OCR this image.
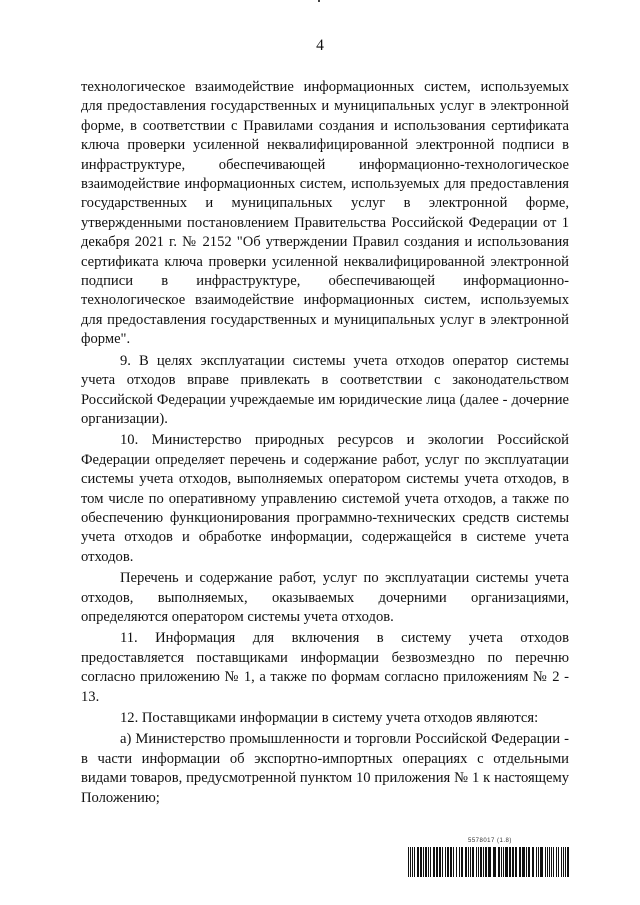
4

технологическое взаимодействие информационных систем, используемых для предоставления государственных и муниципальных услуг в электронной форме, в соответствии с Правилами создания и использования сертификата ключа проверки усиленной неквалифицированной электронной подписи в инфраструктуре, обеспечивающей информационно-технологическое взаимодействие информационных систем, используемых для предоставления государственных и муниципальных услуг в электронной форме, утвержденными постановлением Правительства Российской Федерации от 1 декабря 2021 г. № 2152 "Об утверждении Правил создания и использования сертификата ключа проверки усиленной неквалифицированной электронной подписи в инфраструктуре, обеспечивающей информационно-технологическое взаимодействие информационных систем, используемых для предоставления государственных и муниципальных услуг в электронной форме".

9. В целях эксплуатации системы учета отходов оператор системы учета отходов вправе привлекать в соответствии с законодательством Российской Федерации учреждаемые им юридические лица (далее - дочерние организации).

10. Министерство природных ресурсов и экологии Российской Федерации определяет перечень и содержание работ, услуг по эксплуатации системы учета отходов, выполняемых оператором системы учета отходов, в том числе по оперативному управлению системой учета отходов, а также по обеспечению функционирования программно-технических средств системы учета отходов и обработке информации, содержащейся в системе учета отходов.

Перечень и содержание работ, услуг по эксплуатации системы учета отходов, выполняемых, оказываемых дочерними организациями, определяются оператором системы учета отходов.

11. Информация для включения в систему учета отходов предоставляется поставщиками информации безвозмездно по перечню согласно приложению № 1, а также по формам согласно приложениям № 2 - 13.

12. Поставщиками информации в систему учета отходов являются:

а) Министерство промышленности и торговли Российской Федерации - в части информации об экспортно-импортных операциях с отдельными видами товаров, предусмотренной пунктом 10 приложения № 1 к настоящему Положению;

5578017 (1.8)
